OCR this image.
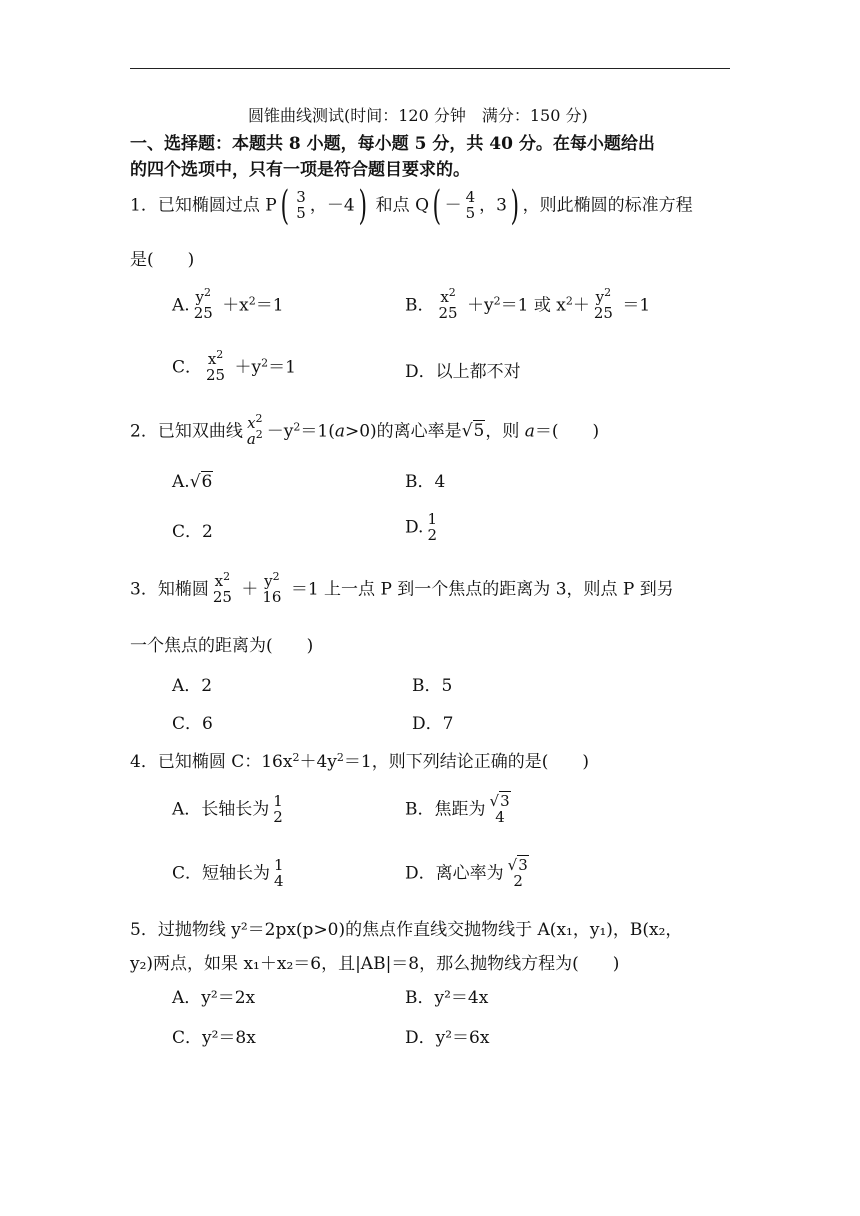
圆锥曲线测试(时间：120 分钟　满分：150 分)
一、选择题：本题共 8 小题，每小题 5 分，共 40 分。在每小题给出
的四个选项中，只有一项是符合题目要求的。
1．已知椭圆过点 P( 3
5 ，－4) 和点 Q( － 4
5 ，3) ，则此椭圆的标准方程
是(　　)
A. $y^2$
$25 +x^2=1$	B． $x^2$
$25 +y^2=1$ 或 $x^2+ y^2$
25 ＝1
C． $x^2$
$25 +y^2=1$	D．以上都不对
2．已知双曲线 $x^2$
$a^2 -y^2=1(a>0)$的离心率是√5，则 a＝(　　)
A.√6	B．4
C．2	D. 1
2
3．知椭圆 $x^2$
$25 + y^2$
16 ＝1 上一点 P 到一个焦点的距离为 3，则点 P 到另
一个焦点的距离为(　　)
A．2	B．5
C．6	D．7
4．已知椭圆 C：$16x^2+4y^2=1$，则下列结论正确的是(　　)
A．长轴长为 1
2	B．焦距为 √3
4
C．短轴长为 1
4	D．离心率为 √3
2
5．过抛物线 y²＝2px(p>0)的焦点作直线交抛物线于 A(x₁，y₁)，B(x₂，
y₂)两点，如果 x₁＋x₂＝6，且|AB|＝8，那么抛物线方程为(　　)
A．y²＝2x	B．y²＝4x
C．y²＝8x	D．y²＝6x
